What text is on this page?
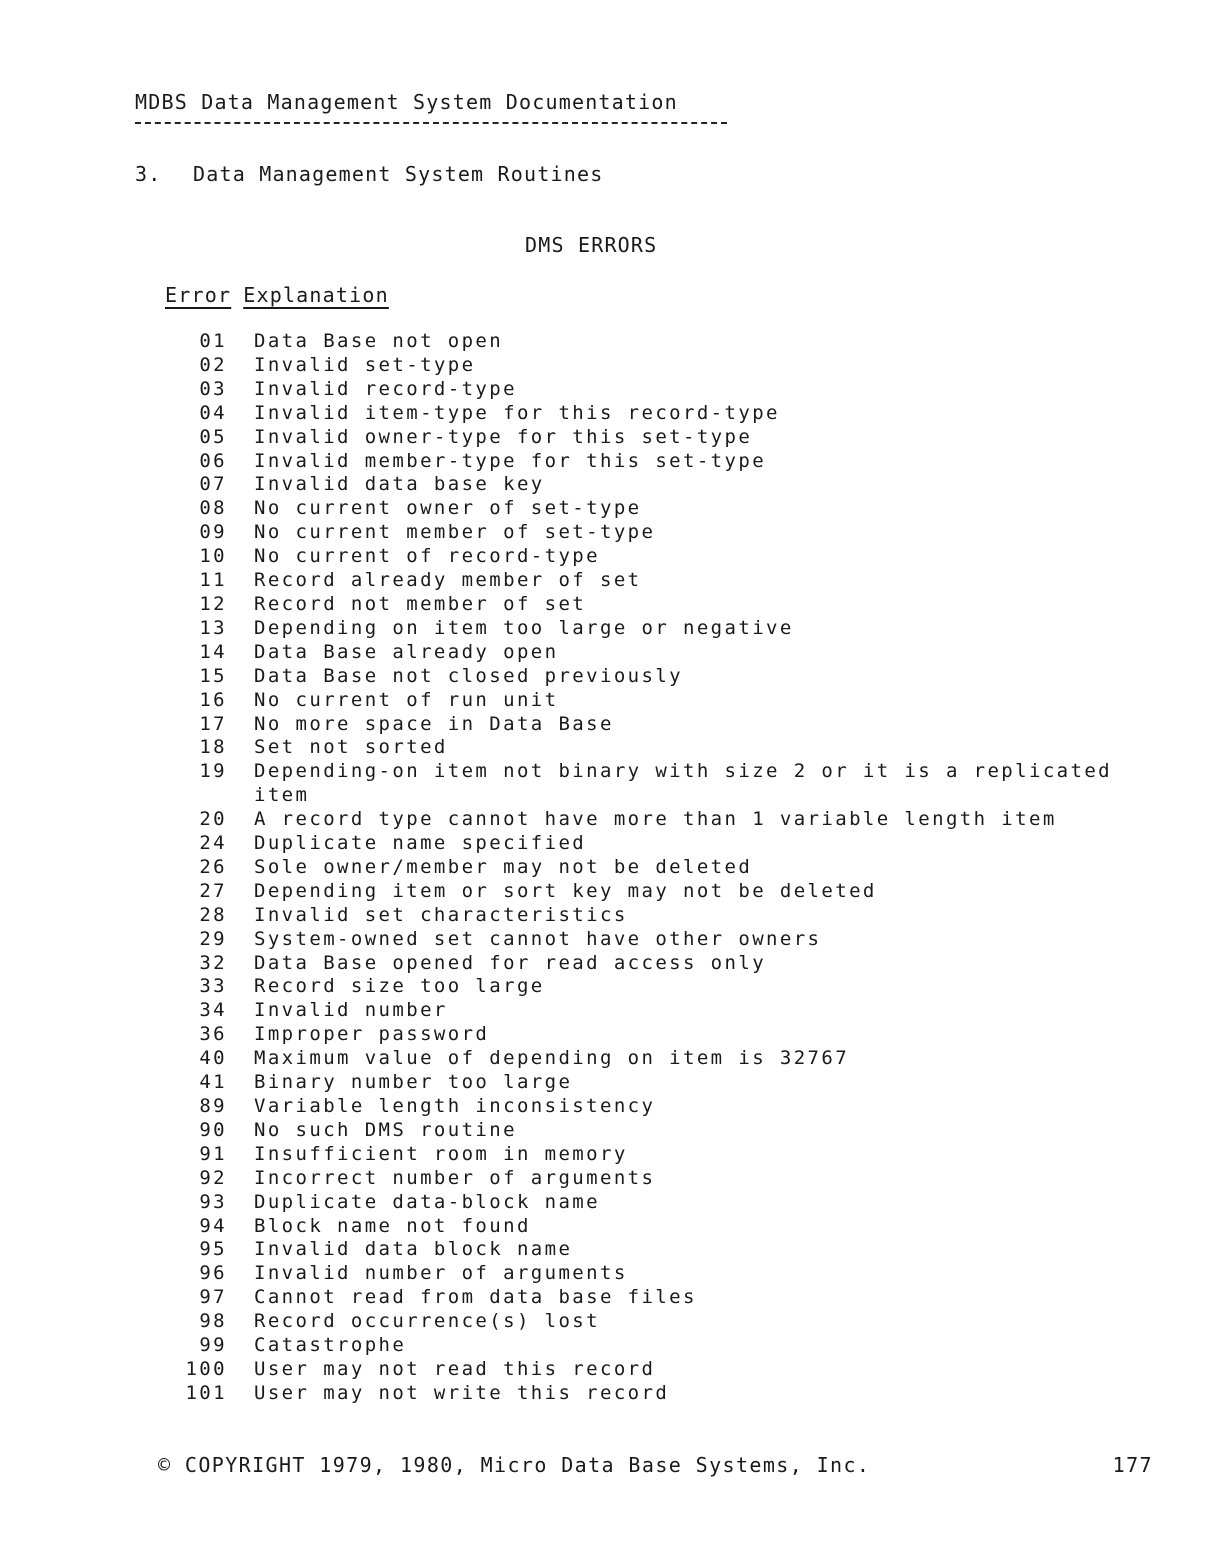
MDBS Data Management System Documentation
3. Data Management System Routines
DMS ERRORS
Error Explanation
01 Data Base not open
02 Invalid set-type
03 Invalid record-type
04 Invalid item-type for this record-type
05 Invalid owner-type for this set-type
06 Invalid member-type for this set-type
07 Invalid data base key
08 No current owner of set-type
09 No current member of set-type
10 No current of record-type
11 Record already member of set
12 Record not member of set
13 Depending on item too large or negative
14 Data Base already open
15 Data Base not closed previously
16 No current of run unit
17 No more space in Data Base
18 Set not sorted
19 Depending-on item not binary with size 2 or it is a replicated item
20 A record type cannot have more than 1 variable length item
24 Duplicate name specified
26 Sole owner/member may not be deleted
27 Depending item or sort key may not be deleted
28 Invalid set characteristics
29 System-owned set cannot have other owners
32 Data Base opened for read access only
33 Record size too large
34 Invalid number
36 Improper password
40 Maximum value of depending on item is 32767
41 Binary number too large
89 Variable length inconsistency
90 No such DMS routine
91 Insufficient room in memory
92 Incorrect number of arguments
93 Duplicate data-block name
94 Block name not found
95 Invalid data block name
96 Invalid number of arguments
97 Cannot read from data base files
98 Record occurrence(s) lost
99 Catastrophe
100 User may not read this record
101 User may not write this record
© COPYRIGHT 1979, 1980, Micro Data Base Systems, Inc.	177
